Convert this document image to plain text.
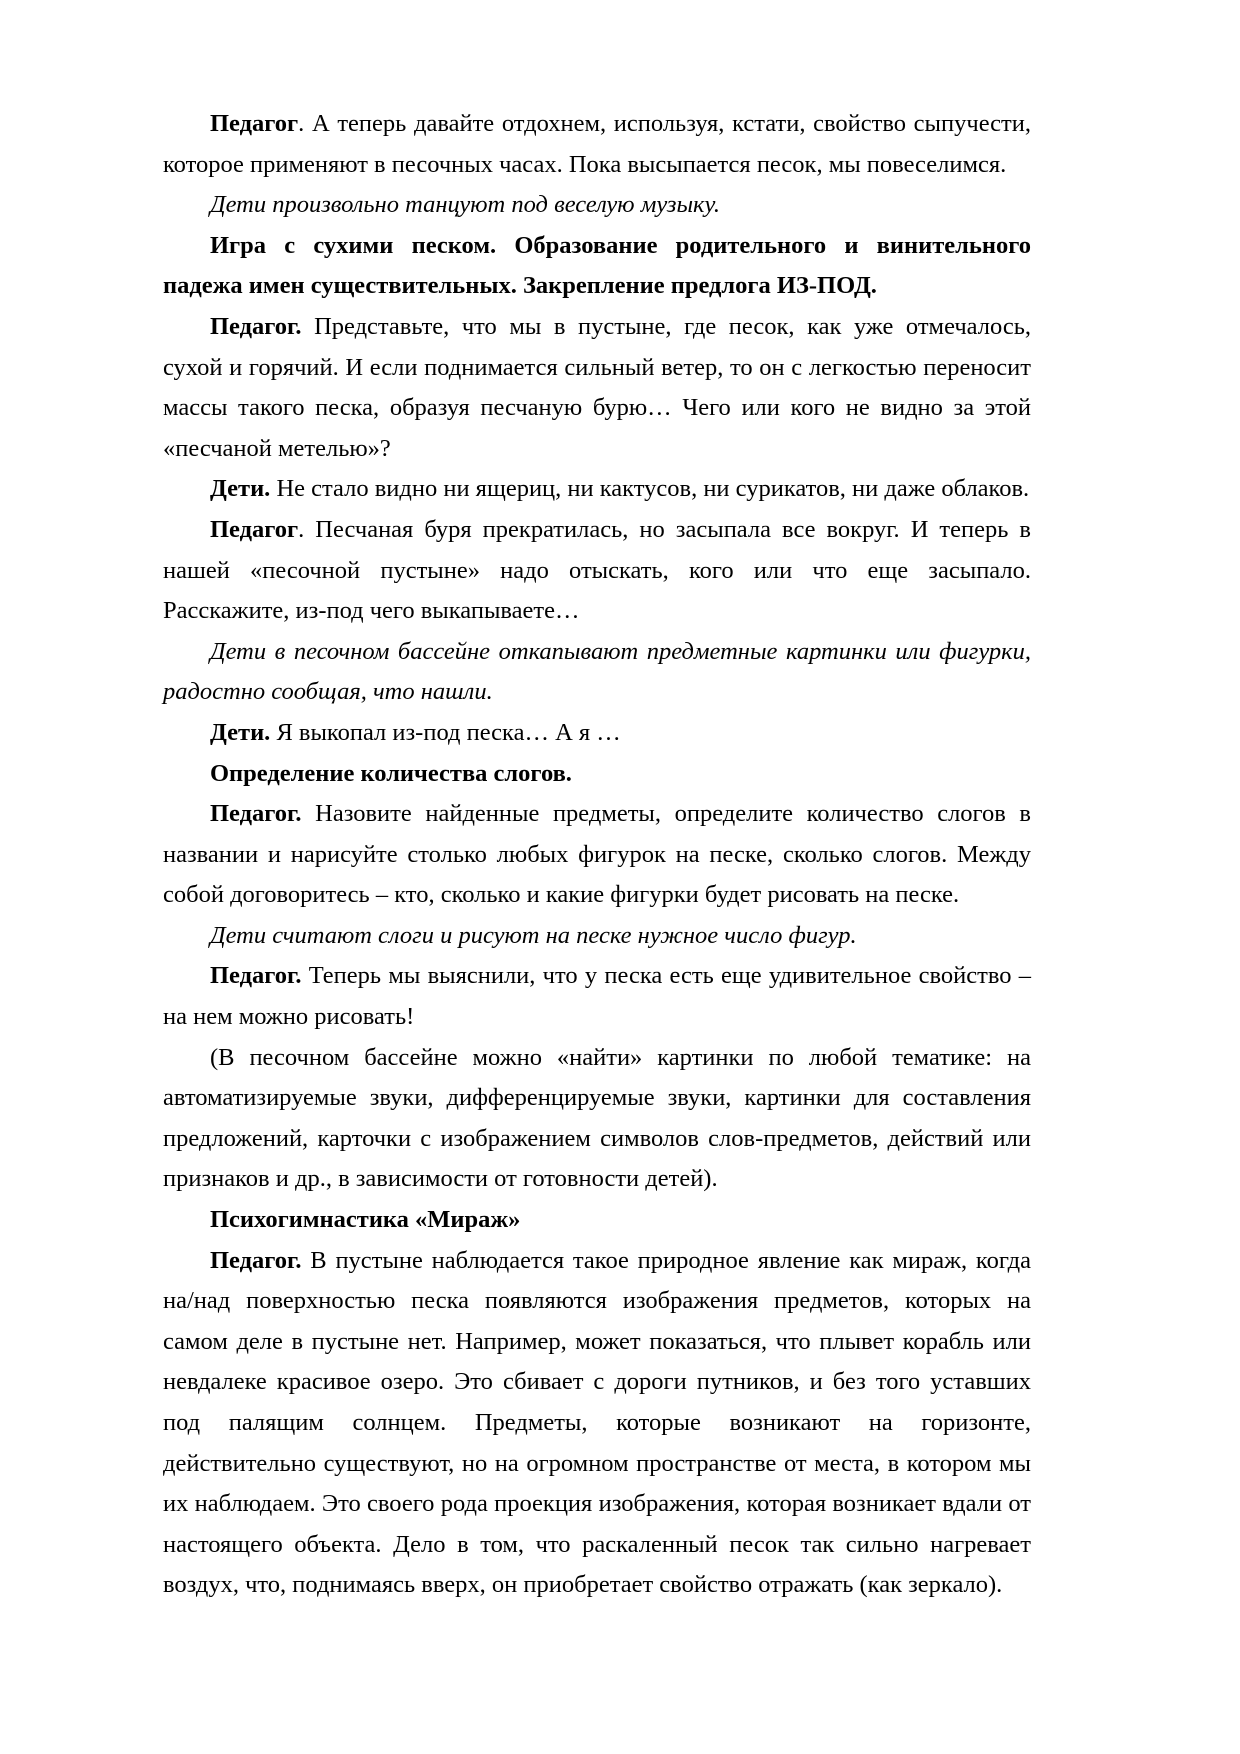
Педагог. А теперь давайте отдохнем, используя, кстати, свойство сыпучести, которое применяют в песочных часах. Пока высыпается песок, мы повеселимся.

Дети произвольно танцуют под веселую музыку.

Игра с сухими песком. Образование родительного и винительного падежа имен существительных. Закрепление предлога ИЗ-ПОД.

Педагог. Представьте, что мы в пустыне, где песок, как уже отмечалось, сухой и горячий. И если поднимается сильный ветер, то он с легкостью переносит массы такого песка, образуя песчаную бурю… Чего или кого не видно за этой «песчаной метелью»?

Дети. Не стало видно ни ящериц, ни кактусов, ни сурикатов, ни даже облаков.

Педагог. Песчаная буря прекратилась, но засыпала все вокруг. И теперь в нашей «песочной пустыне» надо отыскать, кого или что еще засыпало. Расскажите, из-под чего выкапываете…

Дети в песочном бассейне откапывают предметные картинки или фигурки, радостно сообщая, что нашли.

Дети. Я выкопал из-под песка… А я …

Определение количества слогов.

Педагог. Назовите найденные предметы, определите количество слогов в названии и нарисуйте столько любых фигурок на песке, сколько слогов. Между собой договоритесь – кто, сколько и какие фигурки будет рисовать на песке.

Дети считают слоги и рисуют на песке нужное число фигур.

Педагог. Теперь мы выяснили, что у песка есть еще удивительное свойство – на нем можно рисовать!

(В песочном бассейне можно «найти» картинки по любой тематике: на автоматизируемые звуки, дифференцируемые звуки, картинки для составления предложений, карточки с изображением символов слов-предметов, действий или признаков и др., в зависимости от готовности детей).

Психогимнастика «Мираж»

Педагог. В пустыне наблюдается такое природное явление как мираж, когда на/над поверхностью песка появляются изображения предметов, которых на самом деле в пустыне нет. Например, может показаться, что плывет корабль или невдалеке красивое озеро. Это сбивает с дороги путников, и без того уставших под палящим солнцем. Предметы, которые возникают на горизонте, действительно существуют, но на огромном пространстве от места, в котором мы их наблюдаем. Это своего рода проекция изображения, которая возникает вдали от настоящего объекта. Дело в том, что раскаленный песок так сильно нагревает воздух, что, поднимаясь вверх, он приобретает свойство отражать (как зеркало).
